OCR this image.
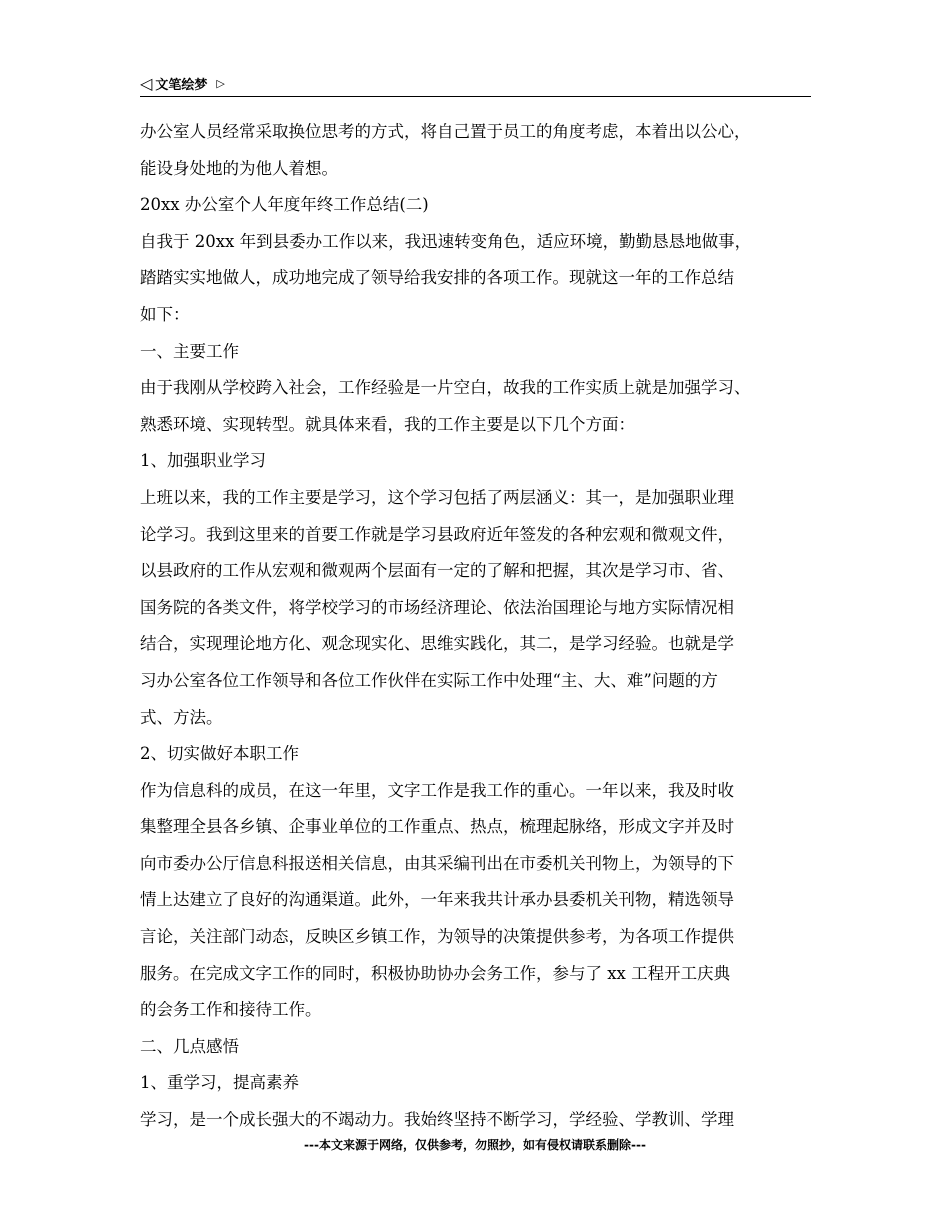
◁ 文笔绘梦 ▷
办公室人员经常采取换位思考的方式，将自己置于员工的角度考虑，本着出以公心，
能设身处地的为他人着想。
20xx 办公室个人年度年终工作总结(二)
自我于 20xx 年到县委办工作以来，我迅速转变角色，适应环境，勤勤恳恳地做事，
踏踏实实地做人，成功地完成了领导给我安排的各项工作。现就这一年的工作总结
如下：
一、主要工作
由于我刚从学校跨入社会，工作经验是一片空白，故我的工作实质上就是加强学习、
熟悉环境、实现转型。就具体来看，我的工作主要是以下几个方面：
1、加强职业学习
上班以来，我的工作主要是学习，这个学习包括了两层涵义：其一，是加强职业理
论学习。我到这里来的首要工作就是学习县政府近年签发的各种宏观和微观文件，
以县政府的工作从宏观和微观两个层面有一定的了解和把握，其次是学习市、省、
国务院的各类文件，将学校学习的市场经济理论、依法治国理论与地方实际情况相
结合，实现理论地方化、观念现实化、思维实践化，其二，是学习经验。也就是学
习办公室各位工作领导和各位工作伙伴在实际工作中处理“主、大、难”问题的方
式、方法。
2、切实做好本职工作
作为信息科的成员，在这一年里，文字工作是我工作的重心。一年以来，我及时收
集整理全县各乡镇、企事业单位的工作重点、热点，梳理起脉络，形成文字并及时
向市委办公厅信息科报送相关信息，由其采编刊出在市委机关刊物上，为领导的下
情上达建立了良好的沟通渠道。此外，一年来我共计承办县委机关刊物，精选领导
言论，关注部门动态，反映区乡镇工作，为领导的决策提供参考，为各项工作提供
服务。在完成文字工作的同时，积极协助协办会务工作，参与了 xx 工程开工庆典
的会务工作和接待工作。
二、几点感悟
1、重学习，提高素养
学习，是一个成长强大的不竭动力。我始终坚持不断学习，学经验、学教训、学理
---本文来源于网络，仅供参考，勿照抄，如有侵权请联系删除---
